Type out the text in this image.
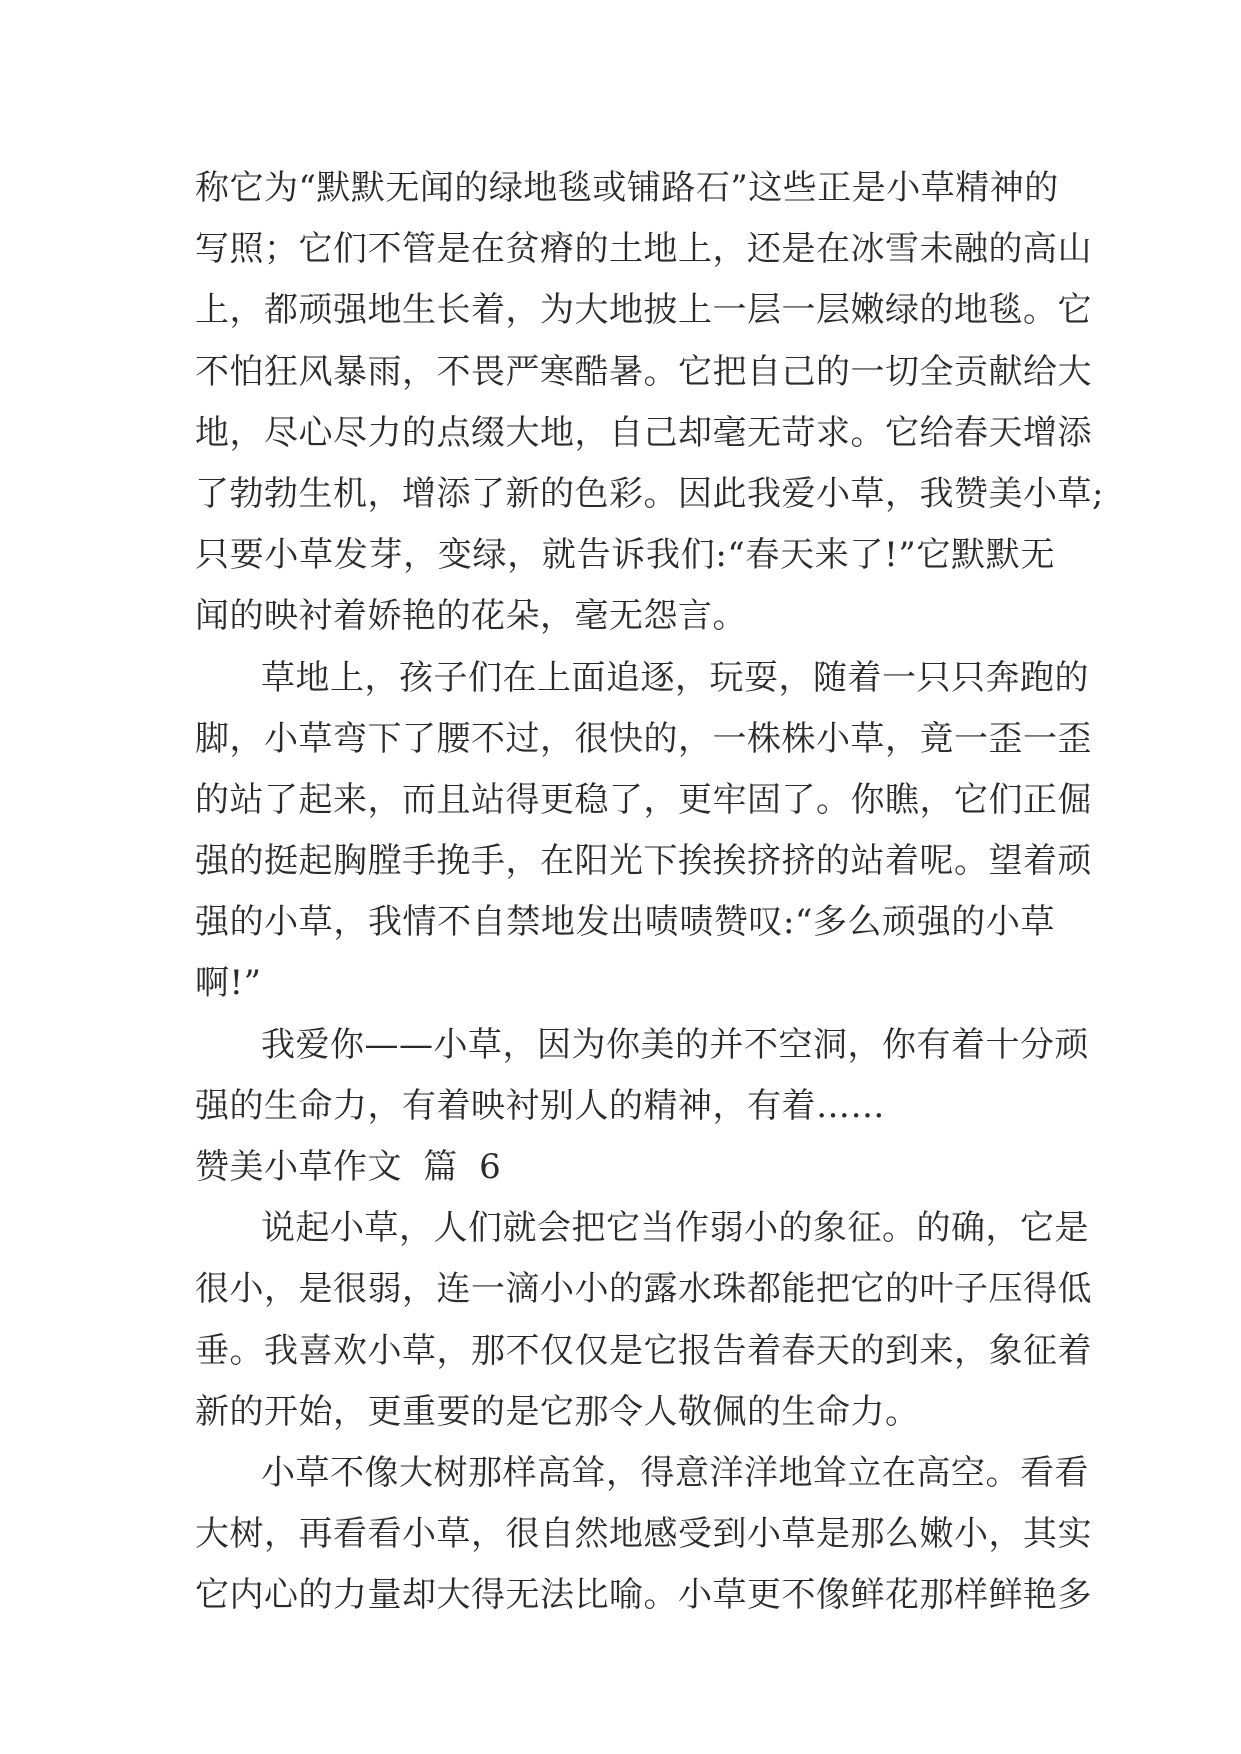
称它为“默默无闻的绿地毯或铺路石”这些正是小草精神的
写照；它们不管是在贫瘠的土地上，还是在冰雪未融的高山
上，都顽强地生长着，为大地披上一层一层嫩绿的地毯。它
不怕狂风暴雨，不畏严寒酷暑。它把自己的一切全贡献给大
地，尽心尽力的点缀大地，自己却毫无苛求。它给春天增添
了勃勃生机，增添了新的色彩。因此我爱小草，我赞美小草;
只要小草发芽，变绿，就告诉我们:“春天来了!”它默默无
闻的映衬着娇艳的花朵，毫无怨言。
草地上，孩子们在上面追逐，玩耍，随着一只只奔跑的
脚，小草弯下了腰不过，很快的，一株株小草，竟一歪一歪
的站了起来，而且站得更稳了，更牢固了。你瞧，它们正倔
强的挺起胸膛手挽手，在阳光下挨挨挤挤的站着呢。望着顽
强的小草，我情不自禁地发出啧啧赞叹:“多么顽强的小草
啊!”
我爱你——小草，因为你美的并不空洞，你有着十分顽
强的生命力，有着映衬别人的精神，有着……
赞美小草作文 篇 6
说起小草，人们就会把它当作弱小的象征。的确，它是
很小，是很弱，连一滴小小的露水珠都能把它的叶子压得低
垂。我喜欢小草，那不仅仅是它报告着春天的到来，象征着
新的开始，更重要的是它那令人敬佩的生命力。
小草不像大树那样高耸，得意洋洋地耸立在高空。看看
大树，再看看小草，很自然地感受到小草是那么嫩小，其实
它内心的力量却大得无法比喻。小草更不像鲜花那样鲜艳多
